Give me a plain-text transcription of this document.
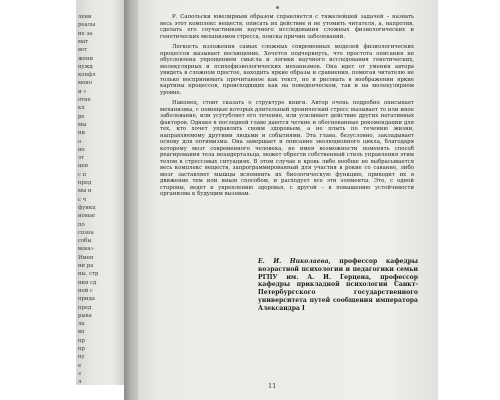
лени
реалы
не за
мат
вет
жени
нужд
конфл
моно
и «
отне
кл
ре
мы
ни
о
но
эт
цен
с п
пред
мы н
с ч
функц
новые
по
созна
собы
века»
Имен
ни ра
ны, стр
ния сд
ной с
прида
пред
рыва
ла
вп
пр
пр
пу
е
з
л

Р. Сапольски ювелирным образом справляется с тяжелейшей задачей – назвать весь этот комплекс веществ, описать их действие и не утомить читателя, а, напротив, сделать его соучастником научного исследования сложных физиологических и генетических механизмов стресса, поиска причин заболеваний.

Легкость изложения самых сложных современных моделей физиологических процессов вызывает восхищение. Хочется подчеркнуть, что простота описания не обусловлена упрощением смысла и логики научного исследования генетических, молекулярных и психофизиологических механизмов. Она идет от умения автора увидеть в сложном простое, находить яркие образы и сравнения, помогая читателю не только воспринимать прочитанное как текст, но и рисовать в воображении яркие картины процессов, происходящих как на поведенческом, так и на молекулярном уровне.

Наконец, стоит сказать о структуре книги. Автор очень подробно описывает механизмы, с помощью которых длительный хронический стресс вызывает то или иное заболевание, или усугубляет его течение, или усиливает действие других негативных факторов. Однако в последней главе даются четкие и обоснованные рекомендации для тех, кто хочет управлять своим здоровьем, а не плыть по течению жизни, направляемому другими людьми и событиями. Эта глава, безусловно, закладывает основу для оптимизма. Она завершает и описание эволюционного цикла, благодаря которому мозг современного человека, не имея возможности поменять способ реагирования тела неандертальца, может обрести собственный стиль управления этим телом в стрессовых ситуациях. В этом случае в кровь либо вообще не выбрасывается весь комплекс веществ, запрограммированный для участия в рокие со саваннe, либо мозг заставляет мышцы вспомнить их биологическую функцию, приводит их в движение тем или иным способом, и расходует все эти элементы. Это, с одной стороны, ведет к укреплению здоровья, с другой – к повышению устойчивости организма к будущим вызовам.

Е. И. Николаева, профессор кафедры возрастной психологии и педагогики семьи РГПУ им. А. И. Герцена, профессор кафедры прикладной психологии Санкт-Петербургского государственного университета путей сообщения императора Александра I
11
